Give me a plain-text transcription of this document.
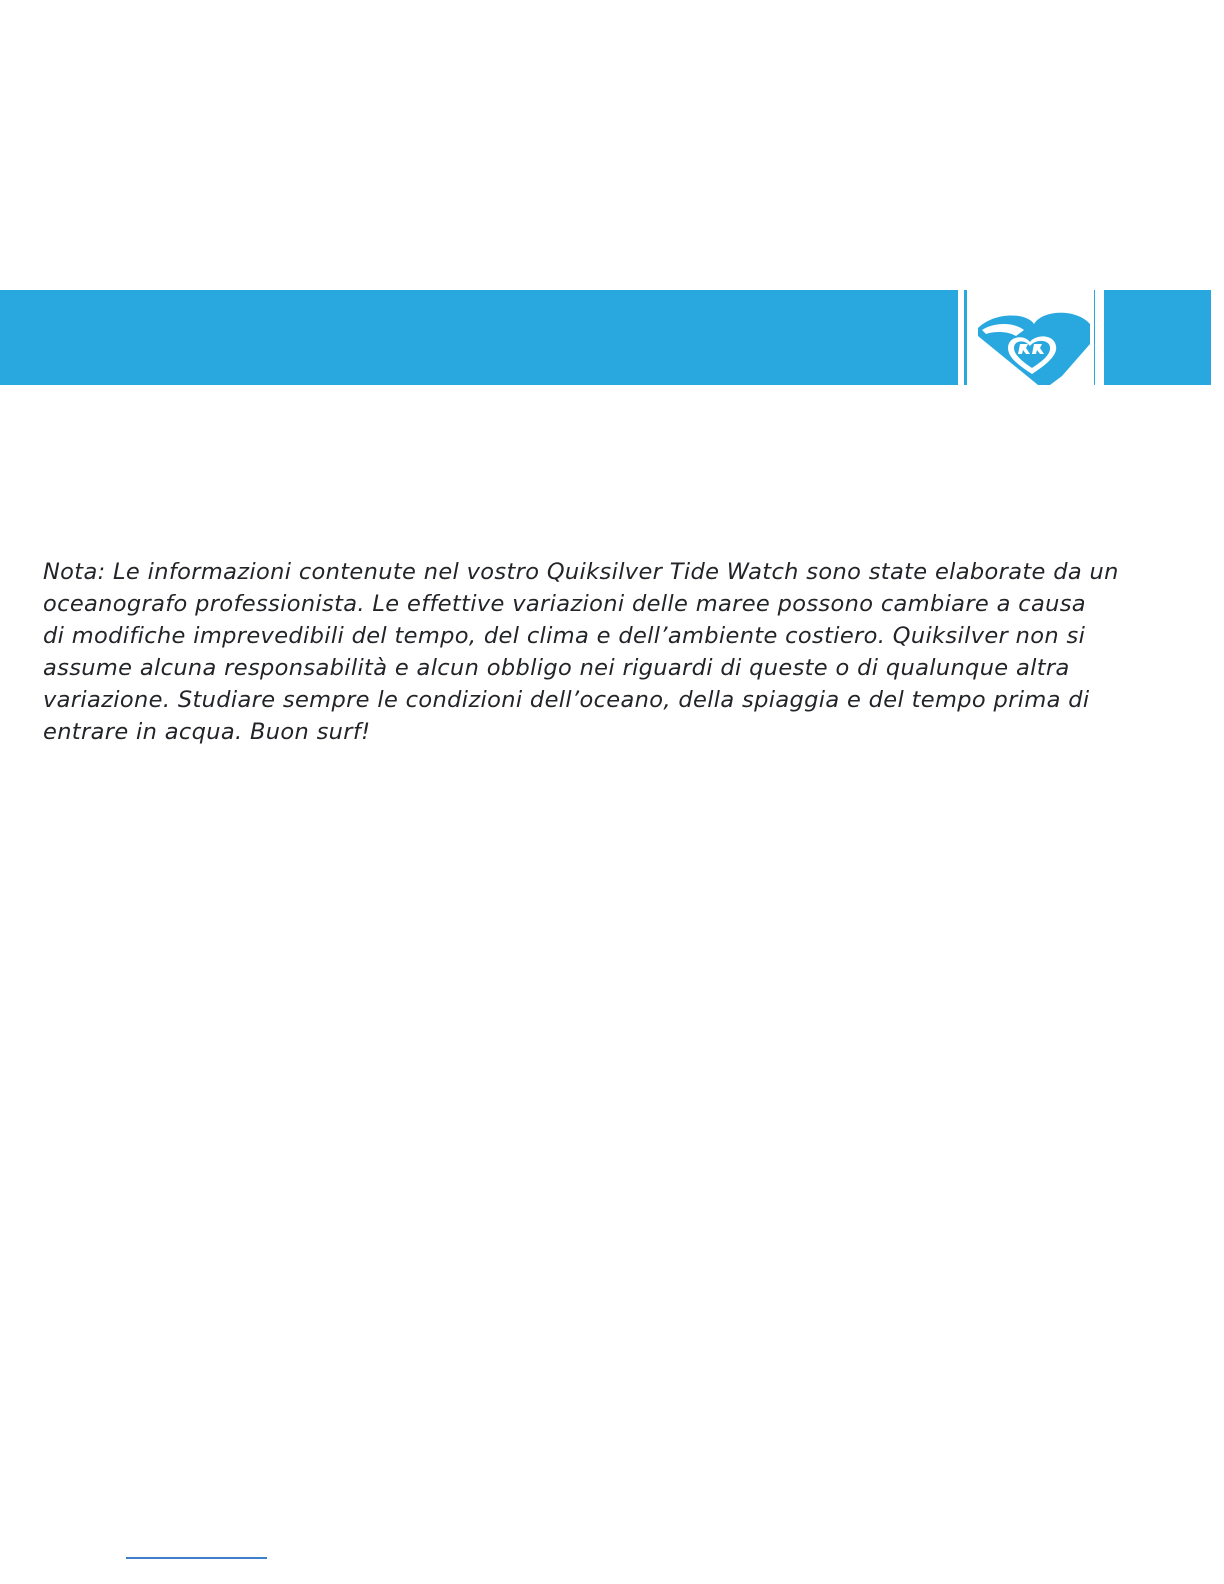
Nota: Le informazioni contenute nel vostro Quiksilver Tide Watch sono state elaborate da un
oceanografo professionista. Le effettive variazioni delle maree possono cambiare a causa
di modifiche imprevedibili del tempo, del clima e dell’ambiente costiero. Quiksilver non si
assume alcuna responsabilità e alcun obbligo nei riguardi di queste o di qualunque altra
variazione. Studiare sempre le condizioni dell’oceano, della spiaggia e del tempo prima di
entrare in acqua. Buon surf!
